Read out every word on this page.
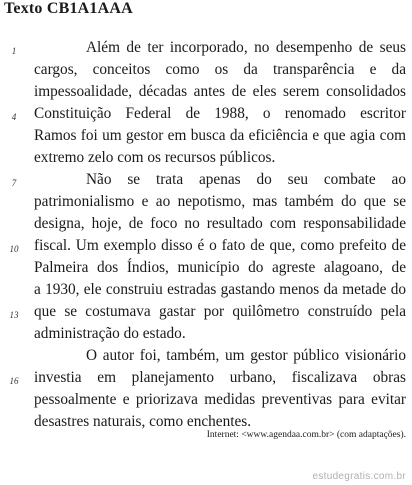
Texto CB1A1AAA
1	Além de ter incorporado, no desempenho de seus
cargos, conceitos como os da transparência e da
impessoalidade, décadas antes de eles serem consolidados
4	Constituição Federal de 1988, o renomado escritor
Ramos foi um gestor em busca da eficiência e que agia com
extremo zelo com os recursos públicos.
7	Não se trata apenas do seu combate ao
patrimonialismo e ao nepotismo, mas também do que se
designa, hoje, de foco no resultado com responsabilidade
10	fiscal. Um exemplo disso é o fato de que, como prefeito de
Palmeira dos Índios, município do agreste alagoano, de
a 1930, ele construiu estradas gastando menos da metade do
13	que se costumava gastar por quilômetro construído pela
administração do estado.
O autor foi, também, um gestor público visionário
16	investia em planejamento urbano, fiscalizava obras
pessoalmente e priorizava medidas preventivas para evitar
desastres naturais, como enchentes.
Internet: <www.agendaa.com.br> (com adaptações).
estudegratis.com.br
